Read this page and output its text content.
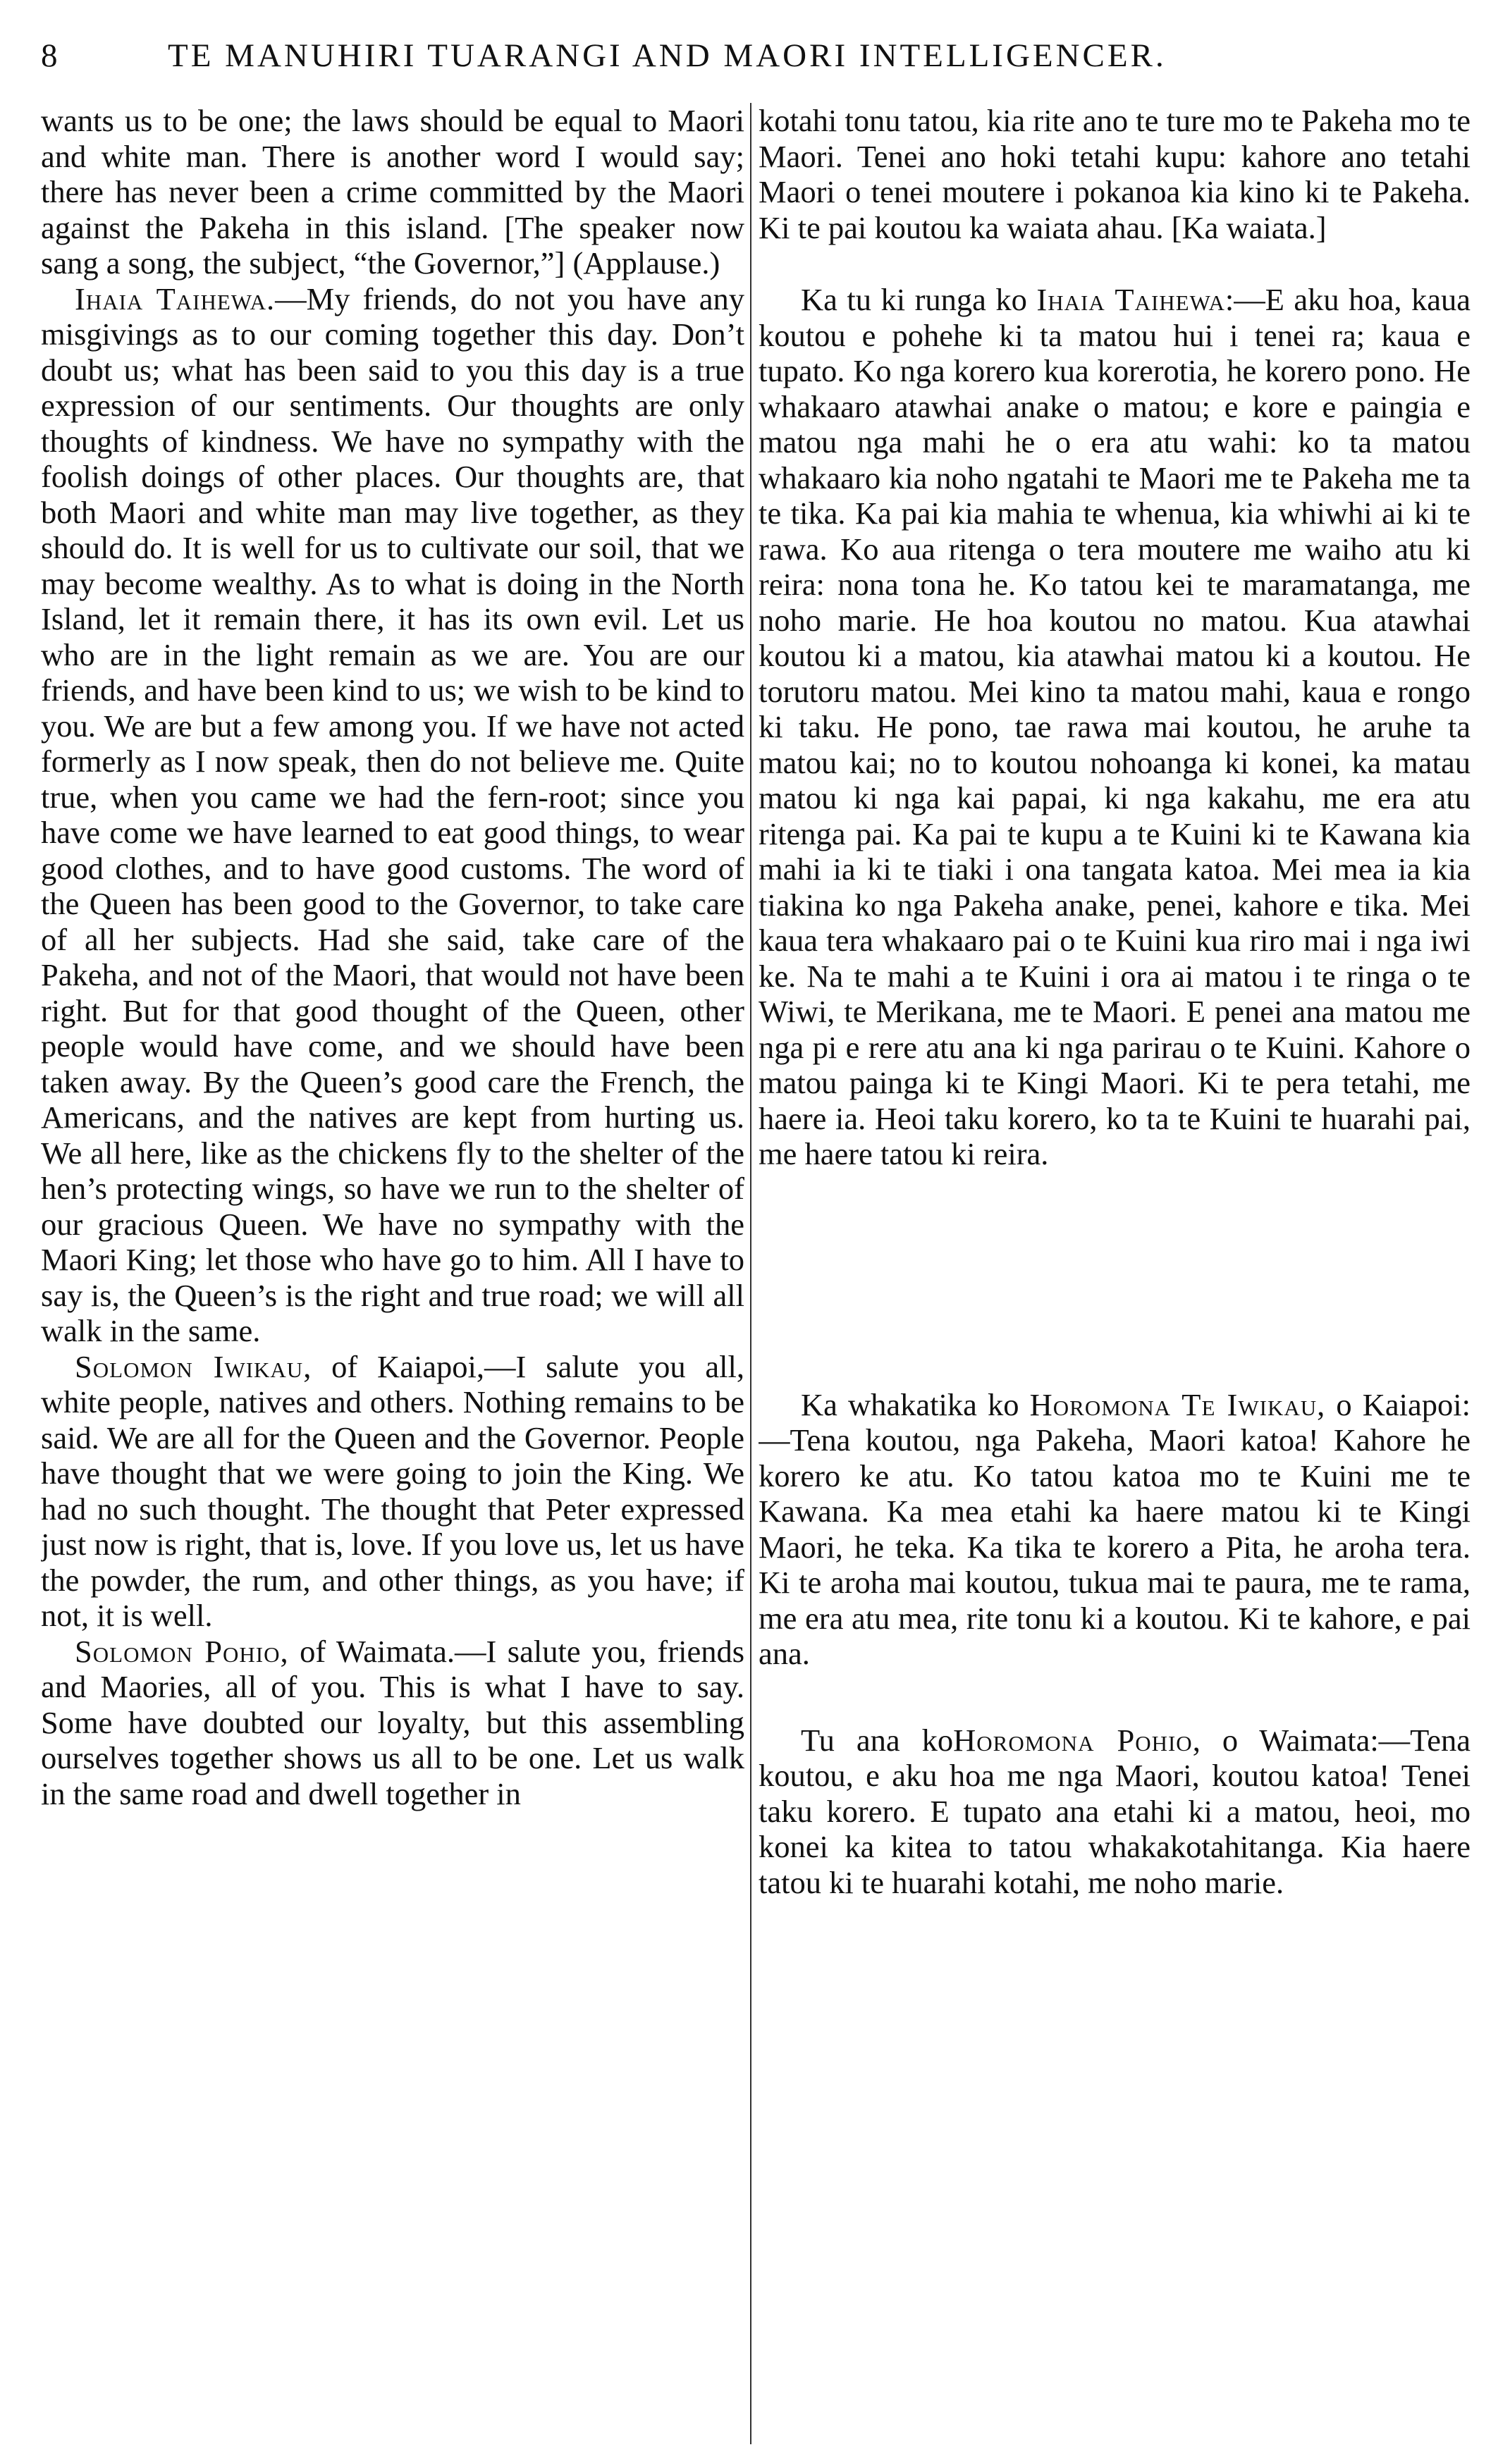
8	TE MANUHIRI TUARANGI AND MAORI INTELLIGENCER.

wants us to be one; the laws should be equal to Maori and white man. There is another word I would say; there has never been a crime committed by the Maori against the Pakeha in this island. [The speaker now sang a song, the subject, “the Governor,”] (Applause.)

Ihaia Taihewa.—My friends, do not you have any misgivings as to our coming together this day. Don’t doubt us; what has been said to you this day is a true expression of our sentiments. Our thoughts are only thoughts of kindness. We have no sympathy with the foolish doings of other places. Our thoughts are, that both Maori and white man may live together, as they should do. It is well for us to cultivate our soil, that we may become wealthy. As to what is doing in the North Island, let it remain there, it has its own evil. Let us who are in the light remain as we are. You are our friends, and have been kind to us; we wish to be kind to you. We are but a few among you. If we have not acted formerly as I now speak, then do not believe me. Quite true, when you came we had the fern-root; since you have come we have learned to eat good things, to wear good clothes, and to have good customs. The word of the Queen has been good to the Governor, to take care of all her subjects. Had she said, take care of the Pakeha, and not of the Maori, that would not have been right. But for that good thought of the Queen, other people would have come, and we should have been taken away. By the Queen’s good care the French, the Americans, and the natives are kept from hurting us. We all here, like as the chickens fly to the shelter of the hen’s protecting wings, so have we run to the shelter of our gracious Queen. We have no sympathy with the Maori King; let those who have go to him. All I have to say is, the Queen’s is the right and true road; we will all walk in the same.

Solomon Iwikau, of Kaiapoi,—I salute you all, white people, natives and others. Nothing remains to be said. We are all for the Queen and the Governor. People have thought that we were going to join the King. We had no such thought. The thought that Peter expressed just now is right, that is, love. If you love us, let us have the powder, the rum, and other things, as you have; if not, it is well.

Solomon Pohio, of Waimata.—I salute you, friends and Maories, all of you. This is what I have to say. Some have doubted our loyalty, but this assembling ourselves together shows us all to be one. Let us walk in the same road and dwell together in

kotahi tonu tatou, kia rite ano te ture mo te Pakeha mo te Maori. Tenei ano hoki tetahi kupu: kahore ano tetahi Maori o tenei moutere i pokanoa kia kino ki te Pakeha. Ki te pai koutou ka waiata ahau. [Ka waiata.]

Ka tu ki runga ko Ihaia Taihewa:—E aku hoa, kaua koutou e pohehe ki ta matou hui i tenei ra; kaua e tupato. Ko nga korero kua korerotia, he korero pono. He whakaaro atawhai anake o matou; e kore e paingia e matou nga mahi he o era atu wahi: ko ta matou whakaaro kia noho ngatahi te Maori me te Pakeha me ta te tika. Ka pai kia mahia te whenua, kia whiwhi ai ki te rawa. Ko aua ritenga o tera moutere me waiho atu ki reira: nona tona he. Ko tatou kei te maramatanga, me noho marie. He hoa koutou no matou. Kua atawhai koutou ki a matou, kia atawhai matou ki a koutou. He torutoru matou. Mei kino ta matou mahi, kaua e rongo ki taku. He pono, tae rawa mai koutou, he aruhe ta matou kai; no to koutou nohoanga ki konei, ka matau matou ki nga kai papai, ki nga kakahu, me era atu ritenga pai. Ka pai te kupu a te Kuini ki te Kawana kia mahi ia ki te tiaki i ona tangata katoa. Mei mea ia kia tiakina ko nga Pakeha anake, penei, kahore e tika. Mei kaua tera whakaaro pai o te Kuini kua riro mai i nga iwi ke. Na te mahi a te Kuini i ora ai matou i te ringa o te Wiwi, te Merikana, me te Maori. E penei ana matou me nga pi e rere atu ana ki nga parirau o te Kuini. Kahore o matou painga ki te Kingi Maori. Ki te pera tetahi, me haere ia. Heoi taku korero, ko ta te Kuini te huarahi pai, me haere tatou ki reira.

Ka whakatika ko Horomona Te Iwikau, o Kaiapoi:—Tena koutou, nga Pakeha, Maori katoa! Kahore he korero ke atu. Ko tatou katoa mo te Kuini me te Kawana. Ka mea etahi ka haere matou ki te Kingi Maori, he teka. Ka tika te korero a Pita, he aroha tera. Ki te aroha mai koutou, tukua mai te paura, me te rama, me era atu mea, rite tonu ki a koutou. Ki te kahore, e pai ana.

Tu ana koHoromona Pohio, o Waimata:—Tena koutou, e aku hoa me nga Maori, koutou katoa! Tenei taku korero. E tupato ana etahi ki a matou, heoi, mo konei ka kitea to tatou whakakotahitanga. Kia haere tatou ki te huarahi kotahi, me noho marie.
